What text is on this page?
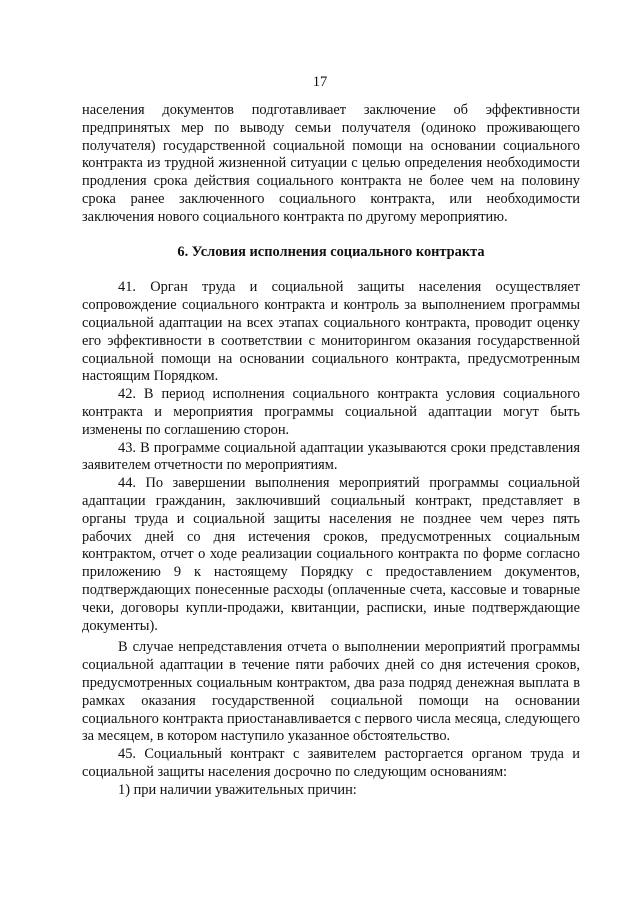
17

населения документов подготавливает заключение об эффективности предпринятых мер по выводу семьи получателя (одиноко проживающего получателя) государственной социальной помощи на основании социального контракта из трудной жизненной ситуации с целью определения необходимости продления срока действия социального контракта не более чем на половину срока ранее заключенного социального контракта, или необходимости заключения нового социального контракта по другому мероприятию.

6. Условия исполнения социального контракта

41. Орган труда и социальной защиты населения осуществляет сопровождение социального контракта и контроль за выполнением программы социальной адаптации на всех этапах социального контракта, проводит оценку его эффективности в соответствии с мониторингом оказания государственной социальной помощи на основании социального контракта, предусмотренным настоящим Порядком.

42. В период исполнения социального контракта условия социального контракта и мероприятия программы социальной адаптации могут быть изменены по соглашению сторон.

43. В программе социальной адаптации указываются сроки представления заявителем отчетности по мероприятиям.

44. По завершении выполнения мероприятий программы социальной адаптации гражданин, заключивший социальный контракт, представляет в органы труда и социальной защиты населения не позднее чем через пять рабочих дней со дня истечения сроков, предусмотренных социальным контрактом, отчет о ходе реализации социального контракта по форме согласно приложению 9 к настоящему Порядку с предоставлением документов, подтверждающих понесенные расходы (оплаченные счета, кассовые и товарные чеки, договоры купли-продажи, квитанции, расписки, иные подтверждающие документы).

В случае непредставления отчета о выполнении мероприятий программы социальной адаптации в течение пяти рабочих дней со дня истечения сроков, предусмотренных социальным контрактом, два раза подряд денежная выплата в рамках оказания государственной социальной помощи на основании социального контракта приостанавливается с первого числа месяца, следующего за месяцем, в котором наступило указанное обстоятельство.

45. Социальный контракт с заявителем расторгается органом труда и социальной защиты населения досрочно по следующим основаниям:

1) при наличии уважительных причин:
